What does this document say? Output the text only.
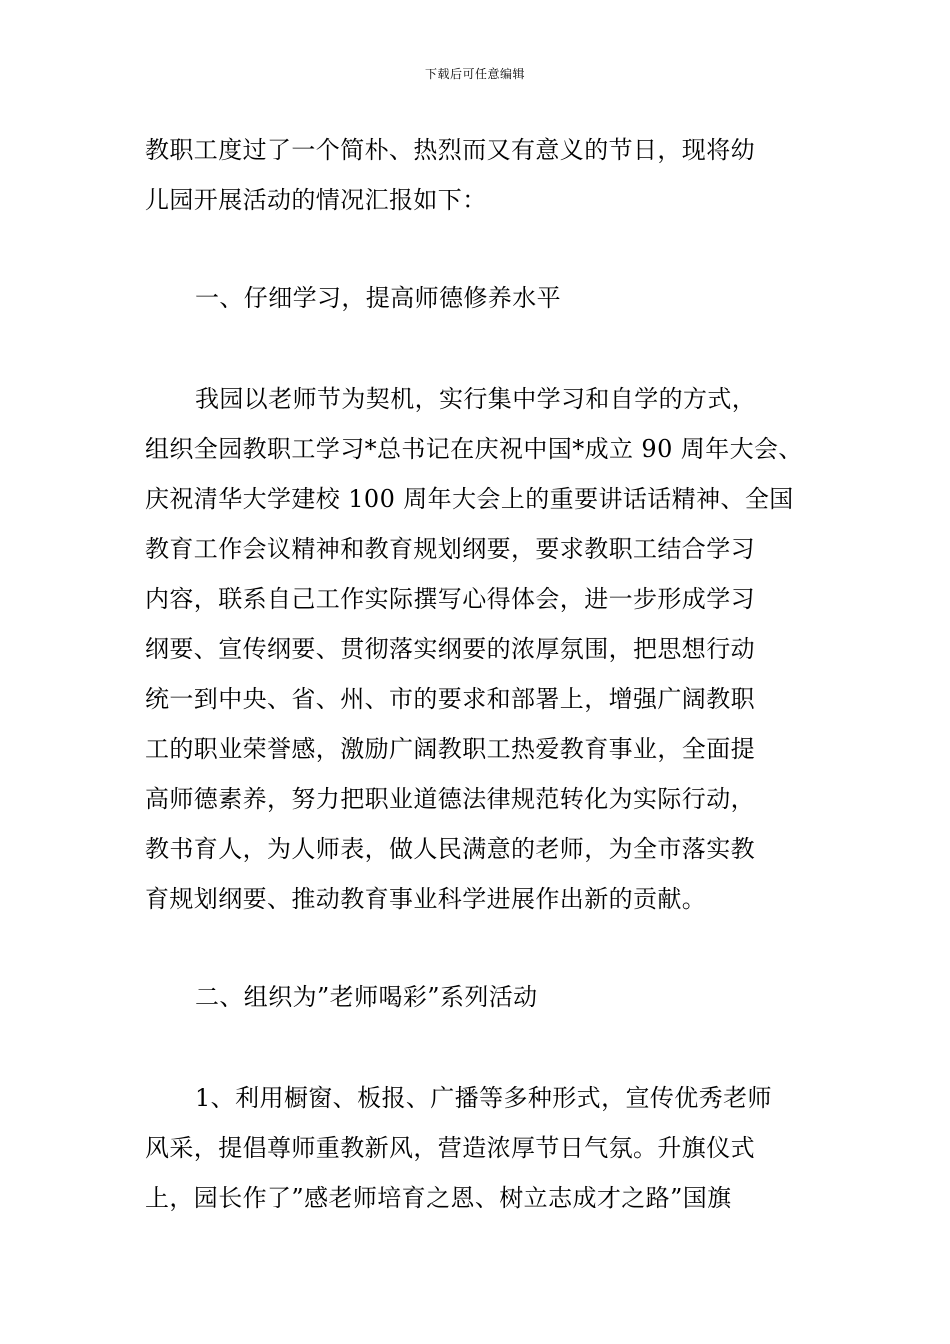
下载后可任意编辑
教职工度过了一个简朴、热烈而又有意义的节日，现将幼
儿园开展活动的情况汇报如下：
一、仔细学习，提高师德修养水平
我园以老师节为契机，实行集中学习和自学的方式，
组织全园教职工学习*总书记在庆祝中国*成立 90 周年大会、
庆祝清华大学建校 100 周年大会上的重要讲话话精神、全国
教育工作会议精神和教育规划纲要，要求教职工结合学习
内容，联系自己工作实际撰写心得体会，进一步形成学习
纲要、宣传纲要、贯彻落实纲要的浓厚氛围，把思想行动
统一到中央、省、州、市的要求和部署上，增强广阔教职
工的职业荣誉感，激励广阔教职工热爱教育事业，全面提
高师德素养，努力把职业道德法律规范转化为实际行动，
教书育人，为人师表，做人民满意的老师，为全市落实教
育规划纲要、推动教育事业科学进展作出新的贡献。
二、组织为”老师喝彩”系列活动
1、利用橱窗、板报、广播等多种形式，宣传优秀老师
风采，提倡尊师重教新风，营造浓厚节日气氛。升旗仪式
上，园长作了”感老师培育之恩、树立志成才之路”国旗
